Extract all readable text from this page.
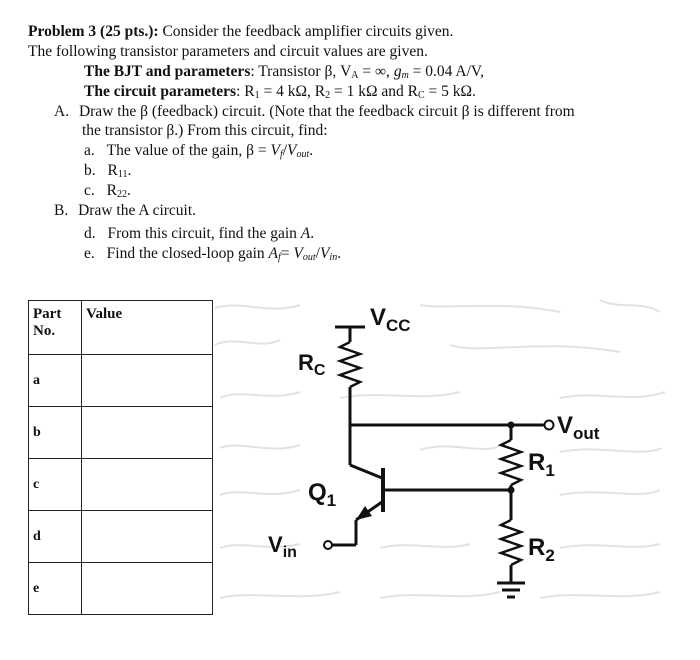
Problem 3 (25 pts.): Consider the feedback amplifier circuits given.
The following transistor parameters and circuit values are given.
The BJT and parameters: Transistor β, $V_A$ = ∞, $g_m = 0.04$ A/V,
The circuit parameters: $R_1 = 4$ kΩ, $R_2 = 1$ kΩ and $R_C = 5$ kΩ.
A. Draw the β (feedback) circuit. (Note that the feedback circuit β is different from
the transistor β.) From this circuit, find:
a. The value of the gain, $\beta = V_f/V_{out}$.
b. $R_{11}$.
c. $R_{22}$.
B. Draw the A circuit.
d. From this circuit, find the gain A.
e. Find the closed-loop gain $A_f= V_{out}/V_{in}$.
Part
No.	Value
a	
b	
c	
d	
e	
$V_{CC}$
$R_C$
$V_{out}$
$R_1$
$Q_1$
$V_{in}$	$R_2$
